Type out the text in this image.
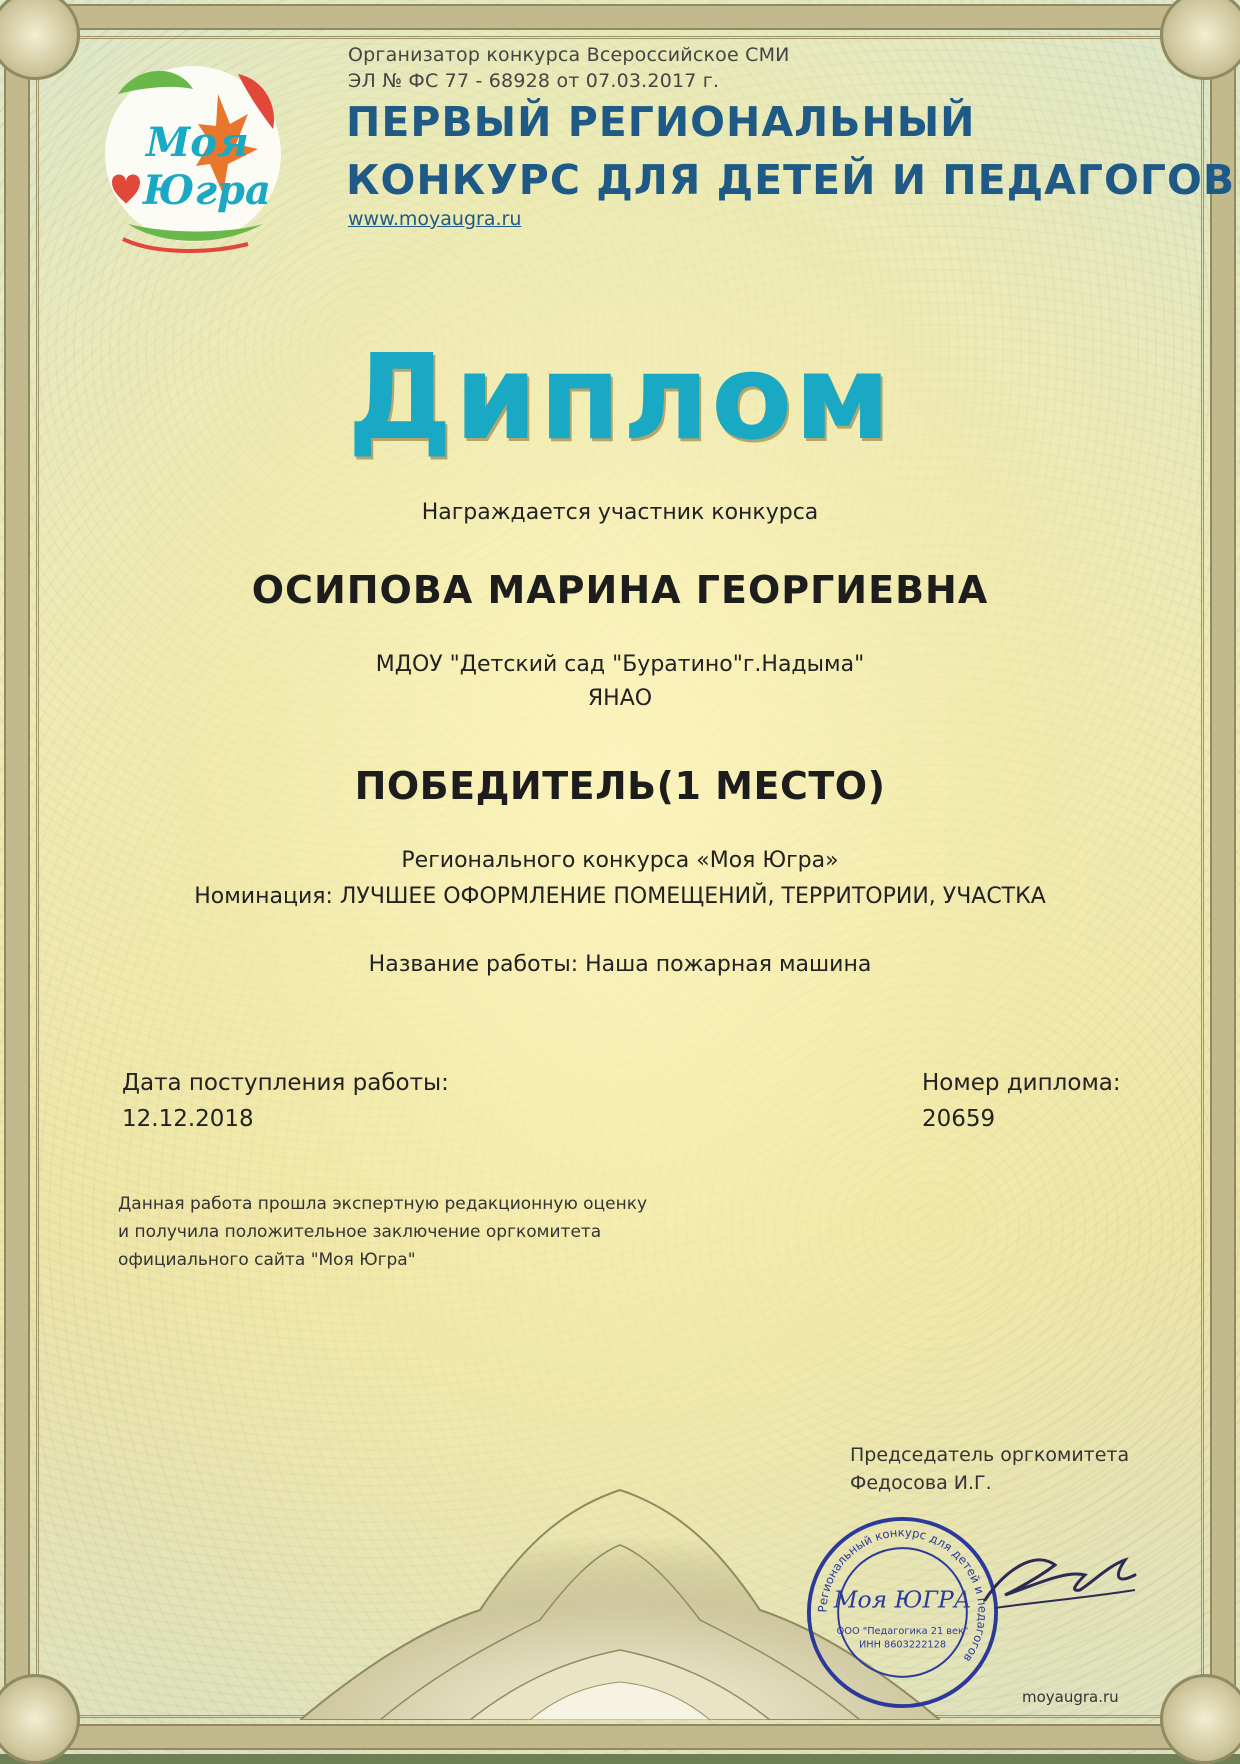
Моя
Югра
Организатор конкурса Всероссийское СМИ
ЭЛ № ФС 77 - 68928 от 07.03.2017 г.
ПЕРВЫЙ РЕГИОНАЛЬНЫЙ
КОНКУРС ДЛЯ ДЕТЕЙ И ПЕДАГОГОВ
www.moyaugra.ru
Диплом
Награждается участник конкурса
ОСИПОВА МАРИНА ГЕОРГИЕВНА
МДОУ "Детский сад "Буратино"г.Надыма"
ЯНАО
ПОБЕДИТЕЛЬ(1 МЕСТО)
Регионального конкурса «Моя Югра»
Номинация: ЛУЧШЕЕ ОФОРМЛЕНИЕ ПОМЕЩЕНИЙ, ТЕРРИТОРИИ, УЧАСТКА
Название работы: Наша пожарная машина
Дата поступления работы:
12.12.2018
Номер диплома:
20659
Данная работа прошла экспертную редакционную оценку
и получила положительное заключение оргкомитета
официального сайта "Моя Югра"
Председатель оргкомитета
Федосова И.Г.
Региональный конкурс для детей и педагогов
Моя ЮГРА
ООО "Педагогика 21 век"
ИНН 8603222128
moyaugra.ru
